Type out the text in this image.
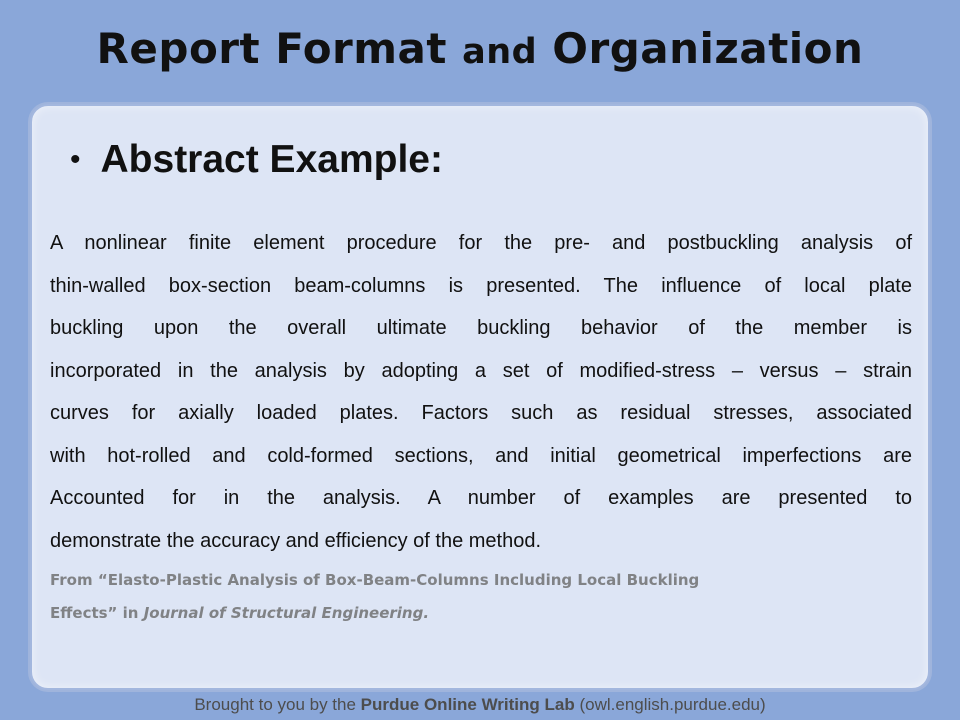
Report Format and Organization
• Abstract Example:
A nonlinear finite element procedure for the pre- and postbuckling analysis of
thin-walled box-section beam-columns is presented. The influence of local plate
buckling upon the overall ultimate buckling behavior of the member is
incorporated in the analysis by adopting a set of modified-stress – versus – strain
curves for axially loaded plates. Factors such as residual stresses, associated
with hot-rolled and cold-formed sections, and initial geometrical imperfections are
Accounted for in the analysis. A number of examples are presented to
demonstrate the accuracy and efficiency of the method.
From “Elasto-Plastic Analysis of Box-Beam-Columns Including Local Buckling
Effects” in Journal of Structural Engineering.
Brought to you by the Purdue Online Writing Lab (owl.english.purdue.edu)
